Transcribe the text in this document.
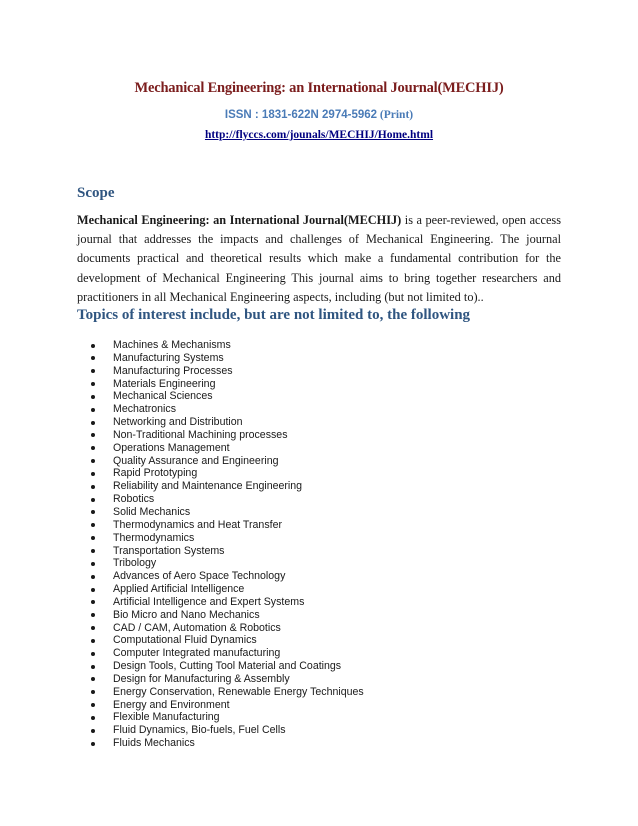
Mechanical Engineering: an International Journal(MECHIJ)
ISSN : 1831-622N 2974-5962 (Print)
http://flyccs.com/jounals/MECHIJ/Home.html
Scope
Mechanical Engineering: an International Journal(MECHIJ) is a peer-reviewed, open access journal that addresses the impacts and challenges of Mechanical Engineering. The journal documents practical and theoretical results which make a fundamental contribution for the development of Mechanical Engineering This journal aims to bring together researchers and practitioners in all Mechanical Engineering aspects, including (but not limited to)..
Topics of interest include, but are not limited to, the following
Machines & Mechanisms
Manufacturing Systems
Manufacturing Processes
Materials Engineering
Mechanical Sciences
Mechatronics
Networking and Distribution
Non-Traditional Machining processes
Operations Management
Quality Assurance and Engineering
Rapid Prototyping
Reliability and Maintenance Engineering
Robotics
Solid Mechanics
Thermodynamics and Heat Transfer
Thermodynamics
Transportation Systems
Tribology
Advances of Aero Space Technology
Applied Artificial Intelligence
Artificial Intelligence and Expert Systems
Bio Micro and Nano Mechanics
CAD / CAM, Automation & Robotics
Computational Fluid Dynamics
Computer Integrated manufacturing
Design Tools, Cutting Tool Material and Coatings
Design for Manufacturing & Assembly
Energy Conservation, Renewable Energy Techniques
Energy and Environment
Flexible Manufacturing
Fluid Dynamics, Bio-fuels, Fuel Cells
Fluids Mechanics
